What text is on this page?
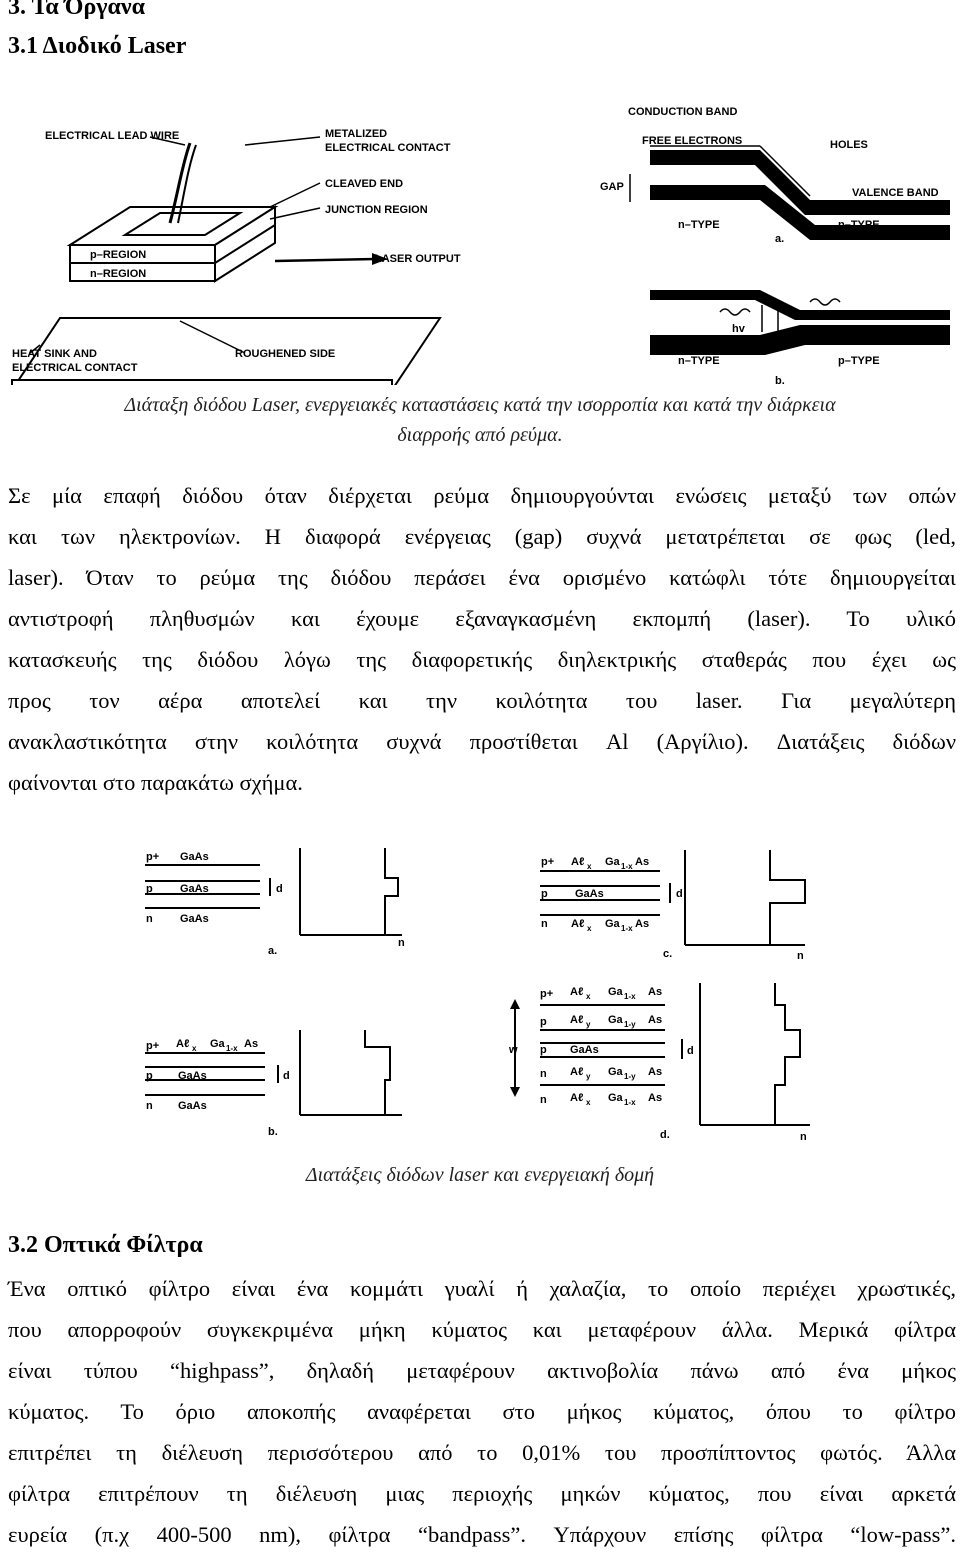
3. Τα Όργανα
3.1 Διοδικό Laser
ELECTRICAL LEAD WIRE	METALIZED
ELECTRICAL CONTACT
CLEAVED END
JUNCTION REGION
p–REGION
n–REGION
LASER OUTPUT
HEAT SINK AND
ELECTRICAL CONTACT
ROUGHENED SIDE
CONDUCTION BAND
FREE ELECTRONS	HOLES
GAP	VALENCE BAND
n–TYPE	p–TYPE
a.
hv
hv
HOLES
n–TYPE	p–TYPE
b.
Διάταξη διόδου Laser, ενεργειακές καταστάσεις κατά την ισορροπία και κατά την διάρκεια
διαρροής από ρεύμα.
Σε μία επαφή διόδου όταν διέρχεται ρεύμα δημιουργούνται ενώσεις μεταξύ των οπών
και των ηλεκτρονίων. Η διαφορά ενέργειας (gap) συχνά μετατρέπεται σε φως (led,
laser). Όταν το ρεύμα της διόδου περάσει ένα ορισμένο κατώφλι τότε δημιουργείται
αντιστροφή πληθυσμών και έχουμε εξαναγκασμένη εκπομπή (laser). Το υλικό
κατασκευής της διόδου λόγω της διαφορετικής διηλεκτρικής σταθεράς που έχει ως
προς τον αέρα αποτελεί και την κοιλότητα του laser. Για μεγαλύτερη
ανακλαστικότητα στην κοιλότητα συχνά προστίθεται Al (Αργίλιο). Διατάξεις διόδων
φαίνονται στο παρακάτω σχήμα.
p+ GaAs
p GaAs
n GaAs
d
n
a.
p+ Aℓ x Ga 1-x As
p GaAs
n Aℓ x Ga 1-x As
d
n
c.
p+ Aℓ x Ga 1-x As
p GaAs
n GaAs
d
b.
p+ Aℓ x Ga 1-x As
p Aℓ y Ga 1-y As
p GaAs
n Aℓ y Ga 1-y As
n Aℓ x Ga 1-x As
w	d
n
d.
Διατάξεις διόδων laser και ενεργειακή δομή
3.2 Οπτικά Φίλτρα
Ένα οπτικό φίλτρο είναι ένα κομμάτι γυαλί ή χαλαζία, το οποίο περιέχει χρωστικές,
που απορροφούν συγκεκριμένα μήκη κύματος και μεταφέρουν άλλα. Μερικά φίλτρα
είναι τύπου “highpass”, δηλαδή μεταφέρουν ακτινοβολία πάνω από ένα μήκος
κύματος. Το όριο αποκοπής αναφέρεται στο μήκος κύματος, όπου το φίλτρο
επιτρέπει τη διέλευση περισσότερου από το 0,01% του προσπίπτοντος φωτός. Άλλα
φίλτρα επιτρέπουν τη διέλευση μιας περιοχής μηκών κύματος, που είναι αρκετά
ευρεία (π.χ 400-500 nm), φίλτρα “bandpass”. Υπάρχουν επίσης φίλτρα “low-pass”.
